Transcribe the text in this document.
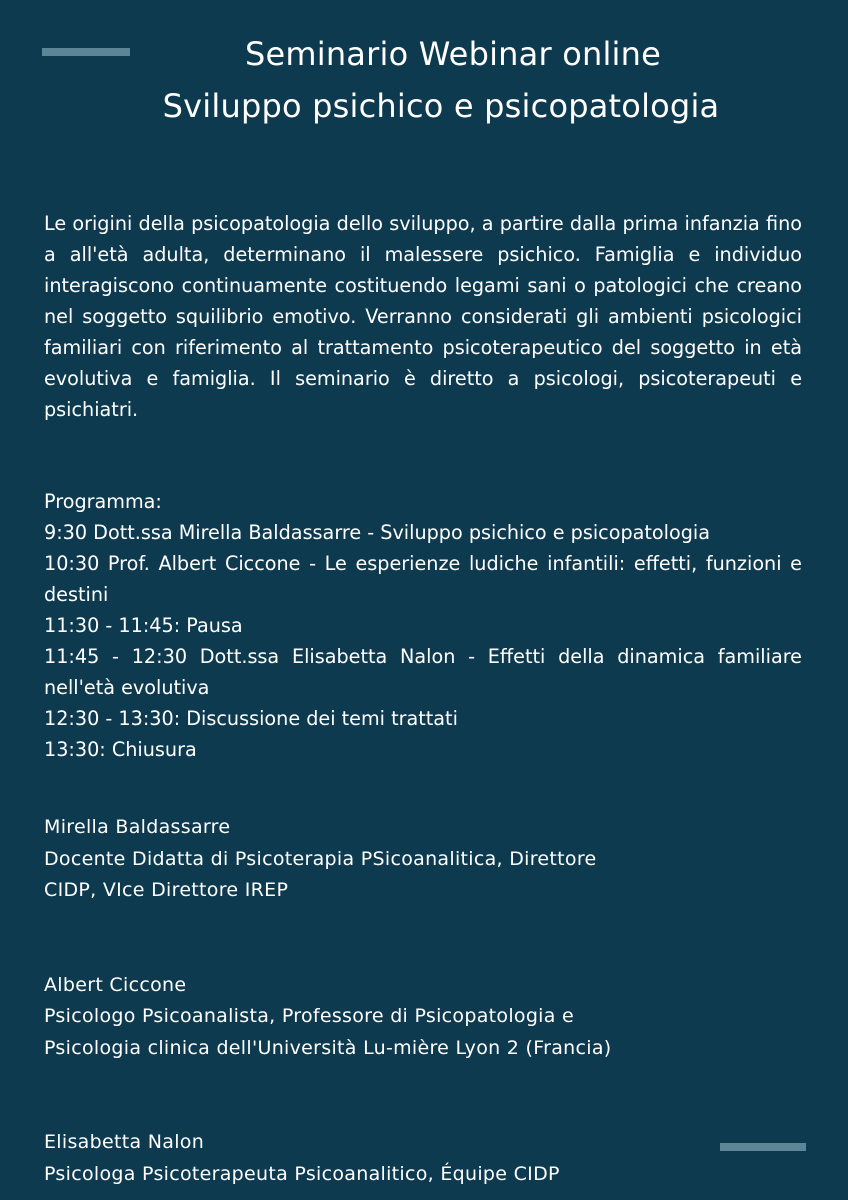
Seminario Webinar online
Sviluppo psichico e psicopatologia

Le origini della psicopatologia dello sviluppo, a partire dalla prima infanzia fino a all'età adulta, determinano il malessere psichico. Famiglia e individuo interagiscono continuamente costituendo legami sani o patologici che creano nel soggetto squilibrio emotivo. Verranno considerati gli ambienti psicologici familiari con riferimento al trattamento psicoterapeutico del soggetto in età evolutiva e famiglia. Il seminario è diretto a psicologi, psicoterapeuti e psichiatri.

Programma:

9:30 Dott.ssa Mirella Baldassarre - Sviluppo psichico e psicopatologia

10:30 Prof. Albert Ciccone - Le esperienze ludiche infantili: effetti, funzioni e destini

11:30 - 11:45: Pausa

11:45 - 12:30 Dott.ssa Elisabetta Nalon - Effetti della dinamica familiare nell'età evolutiva

12:30 - 13:30: Discussione dei temi trattati

13:30: Chiusura

Mirella Baldassarre

Docente Didatta di Psicoterapia PSicoanalitica, Direttore

CIDP, VIce Direttore IREP

Albert Ciccone

Psicologo Psicoanalista, Professore di Psicopatologia e

Psicologia clinica dell'Università Lu-mière Lyon 2 (Francia)

Elisabetta Nalon

Psicologa Psicoterapeuta Psicoanalitico, Équipe CIDP
